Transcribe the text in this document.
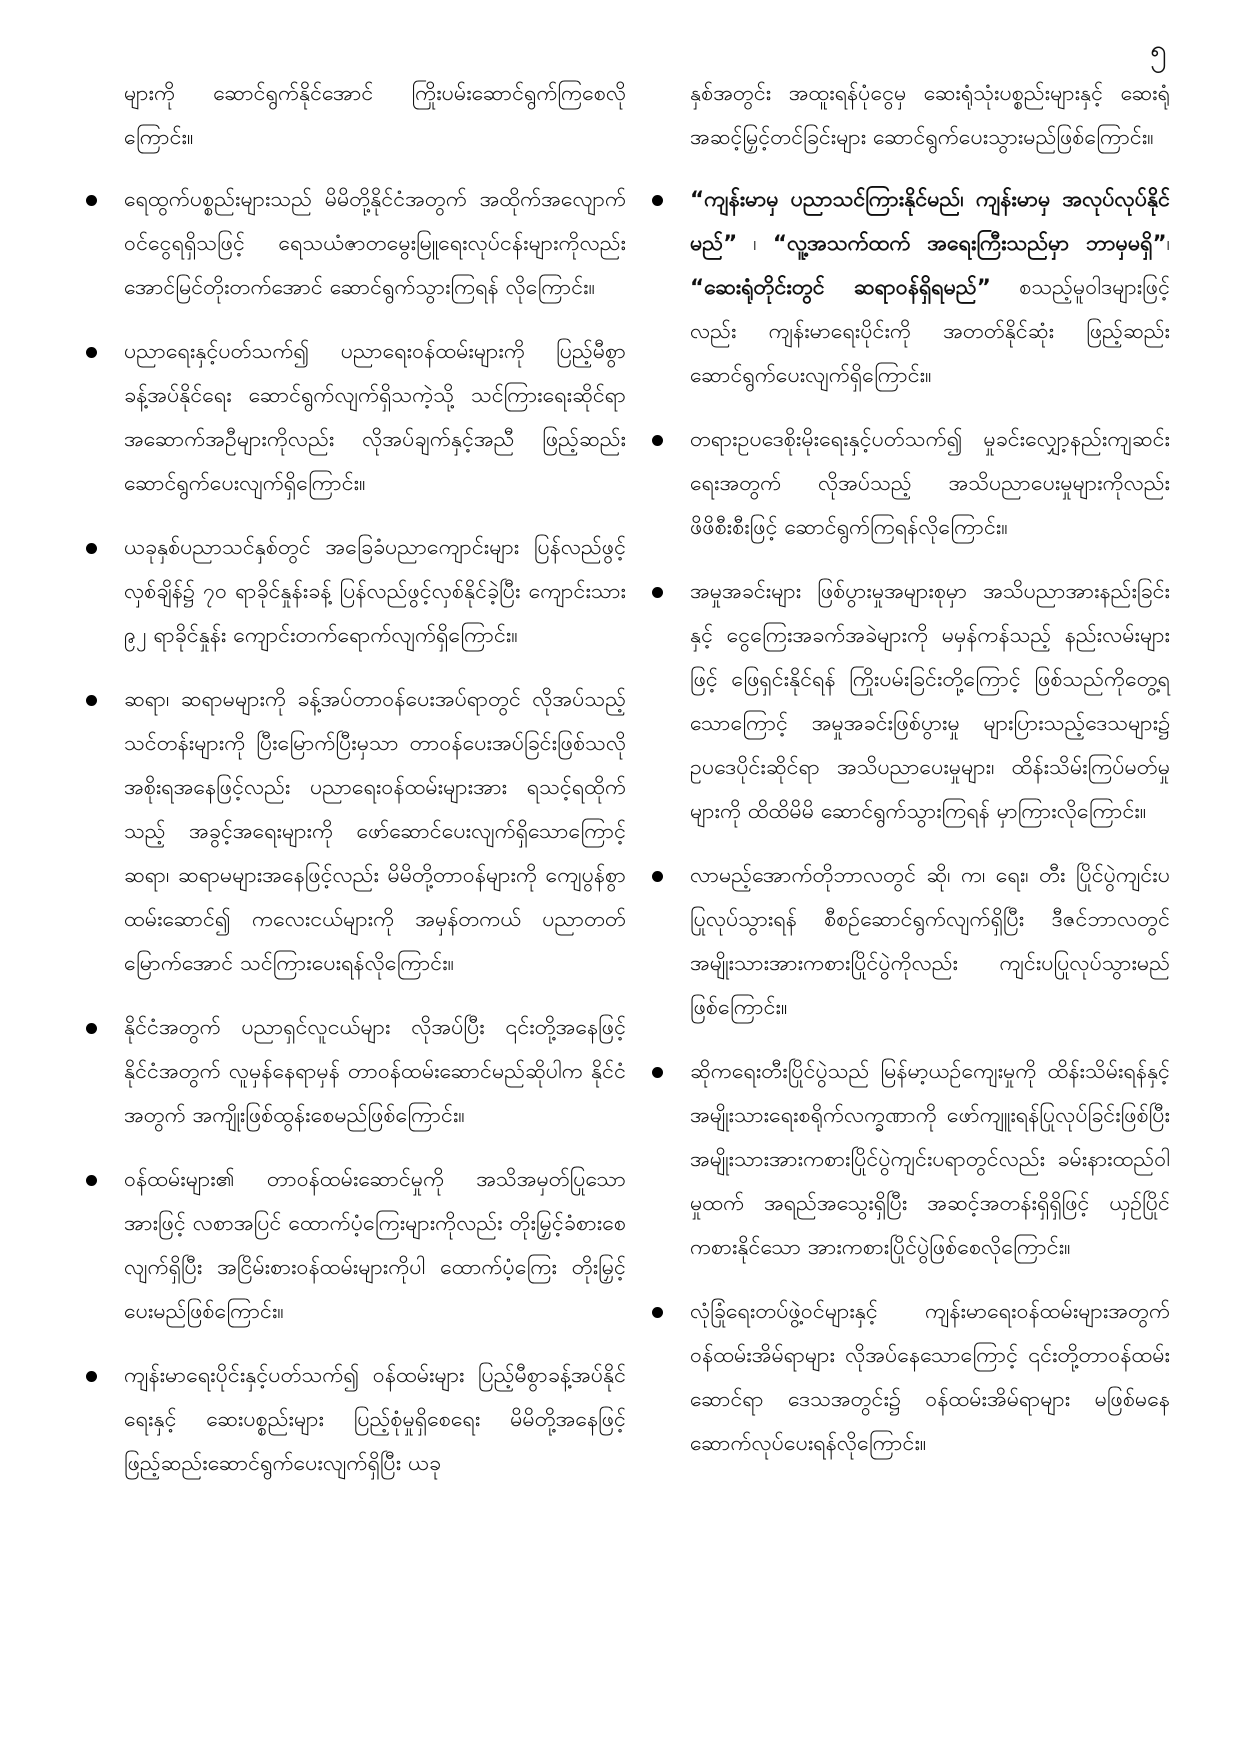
၅

များကို ဆောင်ရွက်နိုင်အောင် ကြိုးပမ်းဆောင်ရွက်ကြစေလိုကြောင်း။

ရေထွက်ပစ္စည်းများသည် မိမိတို့နိုင်ငံအတွက် အထိုက်အလျောက်ဝင်ငွေရရှိသဖြင့် ရေသယံဇာတမွေးမြူရေးလုပ်ငန်းများကိုလည်း အောင်မြင်တိုးတက်အောင် ဆောင်ရွက်သွားကြရန် လိုကြောင်း။

ပညာရေးနှင့်ပတ်သက်၍ ပညာရေးဝန်ထမ်းများကို ပြည့်မီစွာခန့်အပ်နိုင်ရေး ဆောင်ရွက်လျက်ရှိသကဲ့သို့ သင်ကြားရေးဆိုင်ရာ အဆောက်အဦများကိုလည်း လိုအပ်ချက်နှင့်အညီ ဖြည့်ဆည်း ဆောင်ရွက်ပေးလျက်ရှိကြောင်း။

ယခုနှစ်ပညာသင်နှစ်တွင် အခြေခံပညာကျောင်းများ ပြန်လည်ဖွင့်လှစ်ချိန်၌ ၇၀ ရာခိုင်နှုန်းခန့် ပြန်လည်ဖွင့်လှစ်နိုင်ခဲ့ပြီး ကျောင်းသား ၉၂ ရာခိုင်နှုန်း ကျောင်းတက်ရောက်လျက်ရှိကြောင်း။

ဆရာ၊ ဆရာမများကို ခန့်အပ်တာဝန်ပေးအပ်ရာတွင် လိုအပ်သည့်သင်တန်းများကို ပြီးမြောက်ပြီးမှသာ တာဝန်ပေးအပ်ခြင်းဖြစ်သလို အစိုးရအနေဖြင့်လည်း ပညာရေးဝန်ထမ်းများအား ရသင့်ရထိုက်သည့် အခွင့်အရေးများကို ဖော်ဆောင်ပေးလျက်ရှိသောကြောင့် ဆရာ၊ ဆရာမများအနေဖြင့်လည်း မိမိတို့တာဝန်များကို ကျေပွန်စွာထမ်းဆောင်၍ ကလေးငယ်များကို အမှန်တကယ် ပညာတတ်မြောက်အောင် သင်ကြားပေးရန်လိုကြောင်း။

နိုင်ငံအတွက် ပညာရှင်လူငယ်များ လိုအပ်ပြီး ၎င်းတို့အနေဖြင့် နိုင်ငံအတွက် လူမှန်နေရာမှန် တာဝန်ထမ်းဆောင်မည်ဆိုပါက နိုင်ငံအတွက် အကျိုးဖြစ်ထွန်းစေမည်ဖြစ်ကြောင်း။

ဝန်ထမ်းများ၏ တာဝန်ထမ်းဆောင်မှုကို အသိအမှတ်ပြုသောအားဖြင့် လစာအပြင် ထောက်ပံ့ကြေးများကိုလည်း တိုးမြှင့်ခံစားစေလျက်ရှိပြီး အငြိမ်းစားဝန်ထမ်းများကိုပါ ထောက်ပံ့ကြေး တိုးမြှင့်ပေးမည်ဖြစ်ကြောင်း။

ကျန်းမာရေးပိုင်းနှင့်ပတ်သက်၍ ဝန်ထမ်းများ ပြည့်မီစွာခန့်အပ်နိုင်ရေးနှင့် ဆေးပစ္စည်းများ ပြည့်စုံမှုရှိစေရေး မိမိတို့အနေဖြင့် ဖြည့်ဆည်းဆောင်ရွက်ပေးလျက်ရှိပြီး ယခု

နှစ်အတွင်း အထူးရန်ပုံငွေမှ ဆေးရုံသုံးပစ္စည်းများနှင့် ဆေးရုံအဆင့်မြှင့်တင်ခြင်းများ ဆောင်ရွက်ပေးသွားမည်ဖြစ်ကြောင်း။

“ကျန်းမာမှ ပညာသင်ကြားနိုင်မည်၊ ကျန်းမာမှ အလုပ်လုပ်နိုင်မည်” ၊ “လူ့အသက်ထက် အရေးကြီးသည်မှာ ဘာမှမရှိ”၊ “ဆေးရုံတိုင်းတွင် ဆရာဝန်ရှိရမည်” စသည့်မူဝါဒများဖြင့်လည်း ကျန်းမာရေးပိုင်းကို အတတ်နိုင်ဆုံး ဖြည့်ဆည်း ဆောင်ရွက်ပေးလျက်ရှိကြောင်း။

တရားဥပဒေစိုးမိုးရေးနှင့်ပတ်သက်၍ မှုခင်းလျှော့နည်းကျဆင်းရေးအတွက် လိုအပ်သည့် အသိပညာပေးမှုများကိုလည်း ဖိဖိစီးစီးဖြင့် ဆောင်ရွက်ကြရန်လိုကြောင်း။

အမှုအခင်းများ ဖြစ်ပွားမှုအများစုမှာ အသိပညာအားနည်းခြင်းနှင့် ငွေကြေးအခက်အခဲများကို မမှန်ကန်သည့် နည်းလမ်းများဖြင့် ဖြေရှင်းနိုင်ရန် ကြိုးပမ်းခြင်းတို့ကြောင့် ဖြစ်သည်ကိုတွေ့ရသောကြောင့် အမှုအခင်းဖြစ်ပွားမှု များပြားသည့်ဒေသများ၌ ဥပဒေပိုင်းဆိုင်ရာ အသိပညာပေးမှုများ၊ ထိန်းသိမ်းကြပ်မတ်မှုများကို ထိထိမိမိ ဆောင်ရွက်သွားကြရန် မှာကြားလိုကြောင်း။

လာမည့်အောက်တိုဘာလတွင် ဆို၊ က၊ ရေး၊ တီး ပြိုင်ပွဲကျင်းပပြုလုပ်သွားရန် စီစဉ်ဆောင်ရွက်လျက်ရှိပြီး ဒီဇင်ဘာလတွင် အမျိုးသားအားကစားပြိုင်ပွဲကိုလည်း ကျင်းပပြုလုပ်သွားမည်ဖြစ်ကြောင်း။

ဆိုကရေးတီးပြိုင်ပွဲသည် မြန်မာ့ယဉ်ကျေးမှုကို ထိန်းသိမ်းရန်နှင့် အမျိုးသားရေးစရိုက်လက္ခဏာကို ဖော်ကျူးရန်ပြုလုပ်ခြင်းဖြစ်ပြီး အမျိုးသားအားကစားပြိုင်ပွဲကျင်းပရာတွင်လည်း ခမ်းနားထည်ဝါမှုထက် အရည်အသွေးရှိပြီး အဆင့်အတန်းရှိရှိဖြင့် ယှဉ်ပြိုင်ကစားနိုင်သော အားကစားပြိုင်ပွဲဖြစ်စေလိုကြောင်း။

လုံခြုံရေးတပ်ဖွဲ့ဝင်များနှင့် ကျန်းမာရေးဝန်ထမ်းများအတွက် ဝန်ထမ်းအိမ်ရာများ လိုအပ်နေသောကြောင့် ၎င်းတို့တာဝန်ထမ်းဆောင်ရာ ဒေသအတွင်း၌ ဝန်ထမ်းအိမ်ရာများ မဖြစ်မနေ ဆောက်လုပ်ပေးရန်လိုကြောင်း။
